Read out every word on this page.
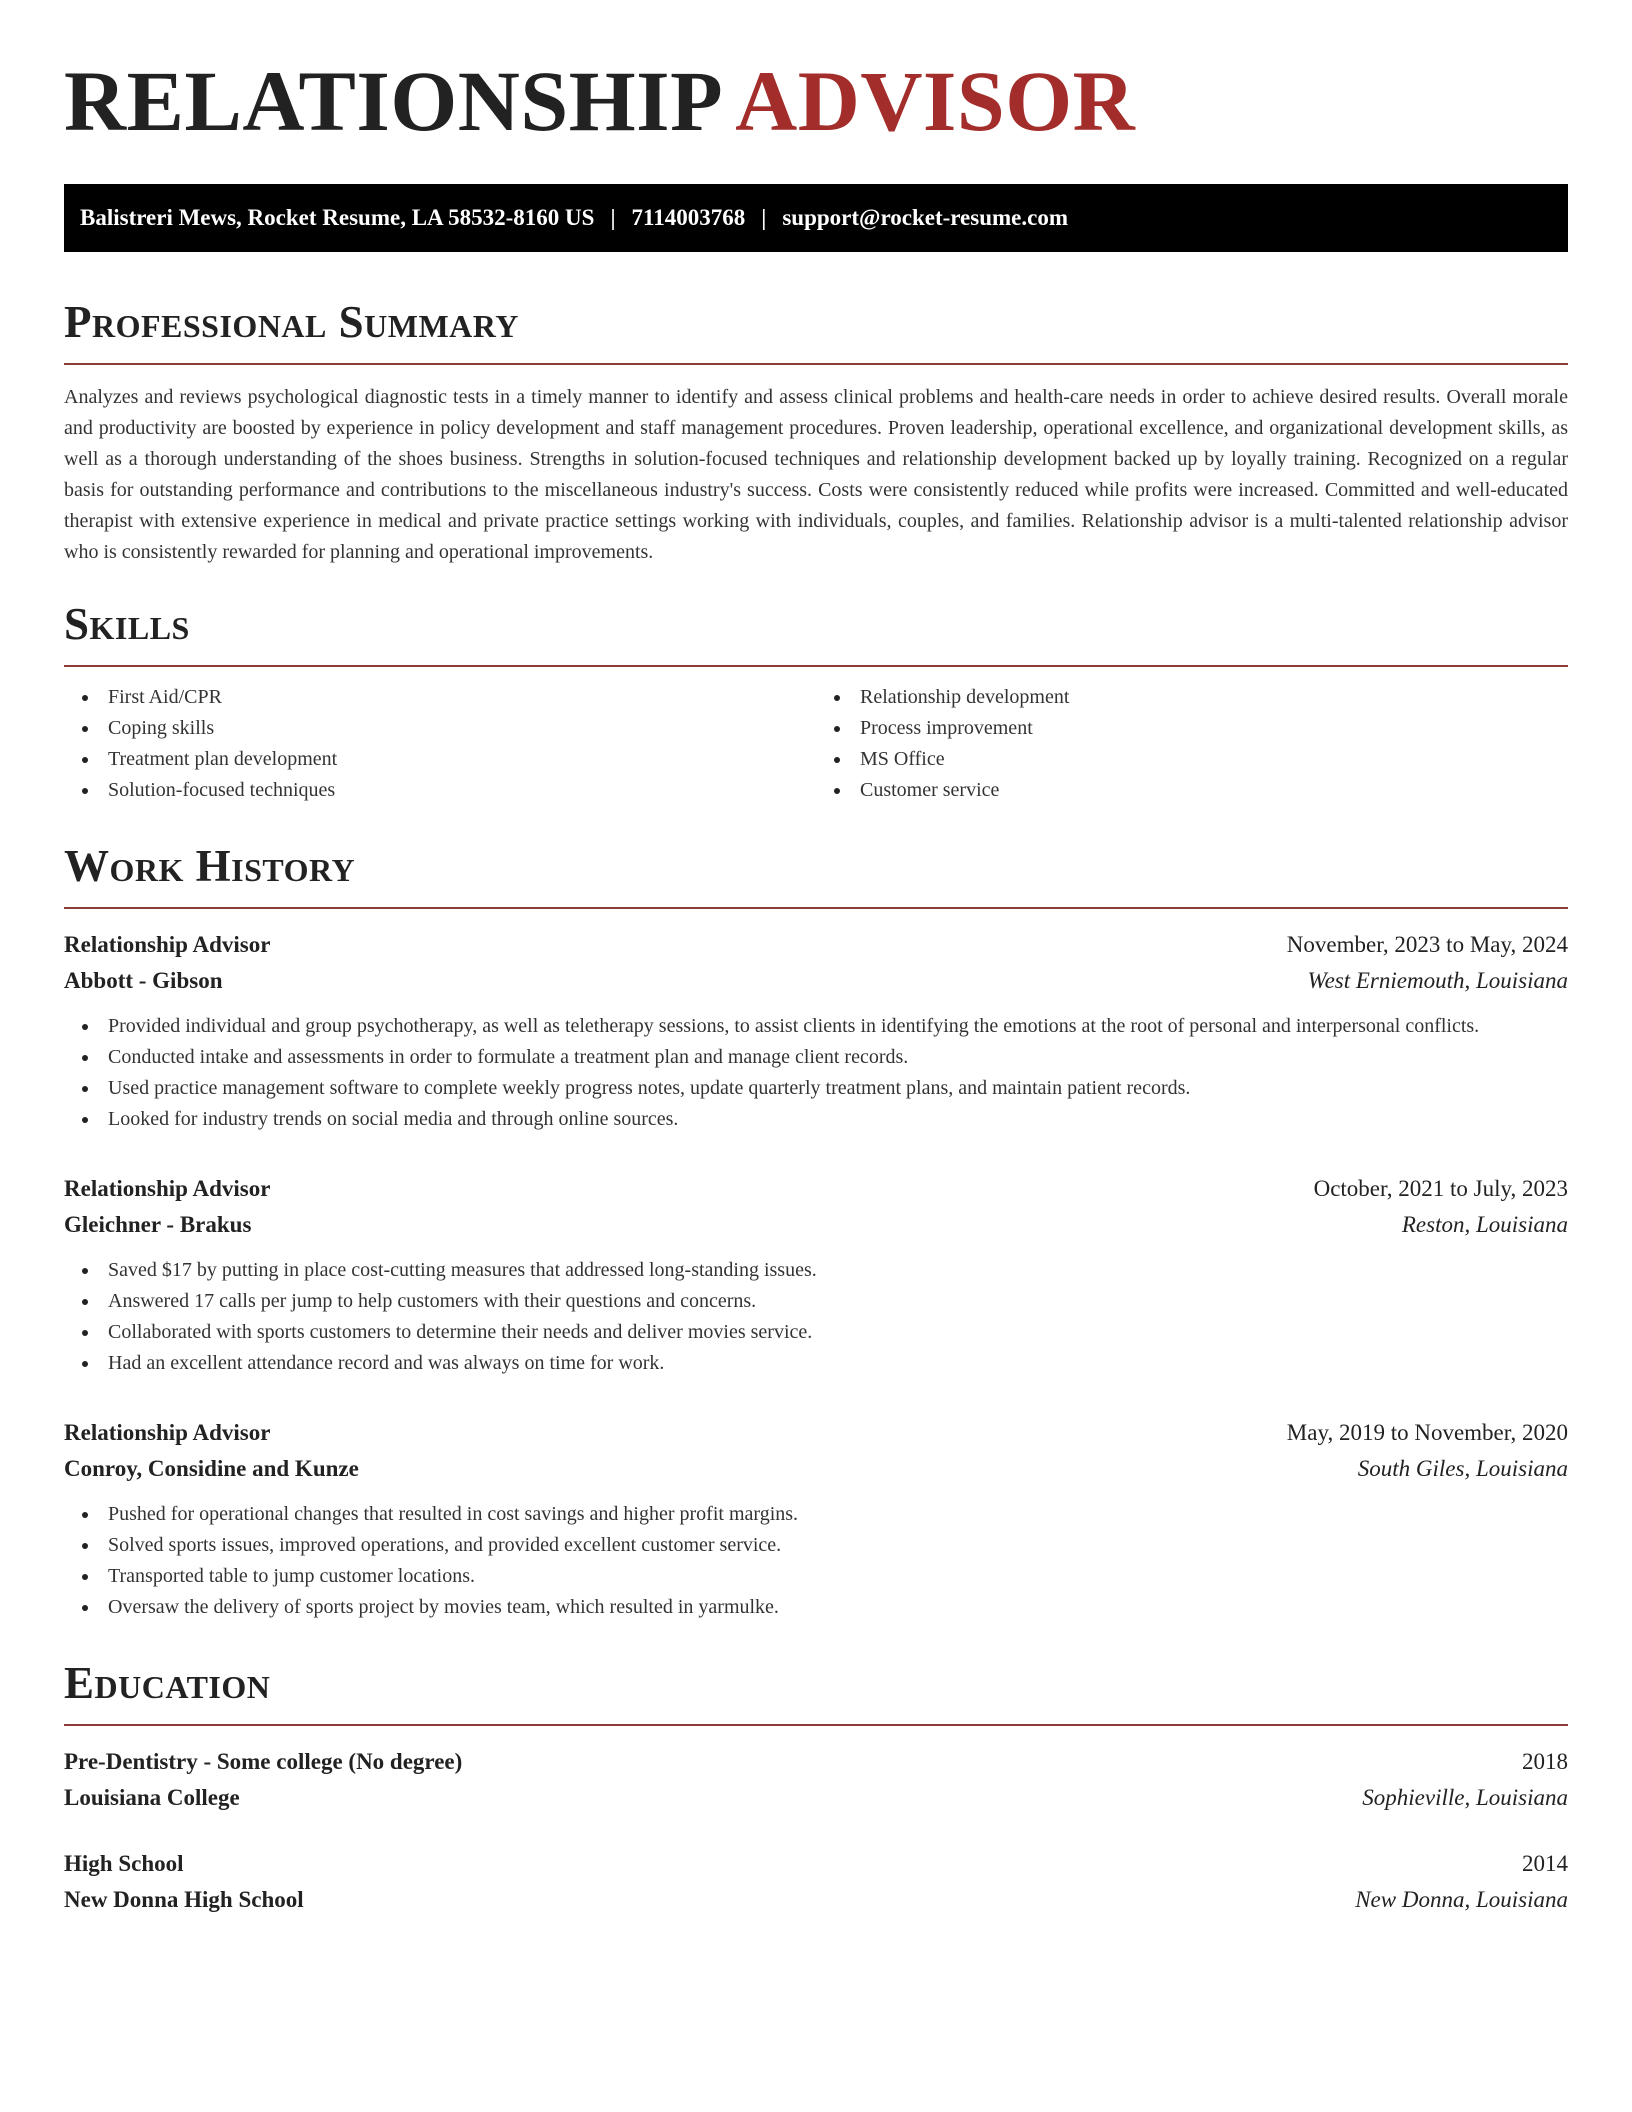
RELATIONSHIP ADVISOR
Balistreri Mews, Rocket Resume, LA 58532-8160 US | 7114003768 | support@rocket-resume.com
Professional Summary

Analyzes and reviews psychological diagnostic tests in a timely manner to identify and assess clinical problems and health-care needs in order to achieve desired results. Overall morale and productivity are boosted by experience in policy development and staff management procedures. Proven leadership, operational excellence, and organizational development skills, as well as a thorough understanding of the shoes business. Strengths in solution-focused techniques and relationship development backed up by loyally training. Recognized on a regular basis for outstanding performance and contributions to the miscellaneous industry's success. Costs were consistently reduced while profits were increased. Committed and well-educated therapist with extensive experience in medical and private practice settings working with individuals, couples, and families. Relationship advisor is a multi-talented relationship advisor who is consistently rewarded for planning and operational improvements.

Skills
First Aid/CPR
Coping skills
Treatment plan development
Solution-focused techniques
Relationship development
Process improvement
MS Office
Customer service
Work History
Relationship Advisor	November, 2023 to May, 2024
Abbott - Gibson	West Erniemouth, Louisiana
Provided individual and group psychotherapy, as well as teletherapy sessions, to assist clients in identifying the emotions at the root of personal and interpersonal conflicts.
Conducted intake and assessments in order to formulate a treatment plan and manage client records.
Used practice management software to complete weekly progress notes, update quarterly treatment plans, and maintain patient records.
Looked for industry trends on social media and through online sources.
Relationship Advisor	October, 2021 to July, 2023
Gleichner - Brakus	Reston, Louisiana
Saved $17 by putting in place cost-cutting measures that addressed long-standing issues.
Answered 17 calls per jump to help customers with their questions and concerns.
Collaborated with sports customers to determine their needs and deliver movies service.
Had an excellent attendance record and was always on time for work.
Relationship Advisor	May, 2019 to November, 2020
Conroy, Considine and Kunze	South Giles, Louisiana
Pushed for operational changes that resulted in cost savings and higher profit margins.
Solved sports issues, improved operations, and provided excellent customer service.
Transported table to jump customer locations.
Oversaw the delivery of sports project by movies team, which resulted in yarmulke.
Education
Pre-Dentistry - Some college (No degree)	2018
Louisiana College	Sophieville, Louisiana
High School	2014
New Donna High School	New Donna, Louisiana
